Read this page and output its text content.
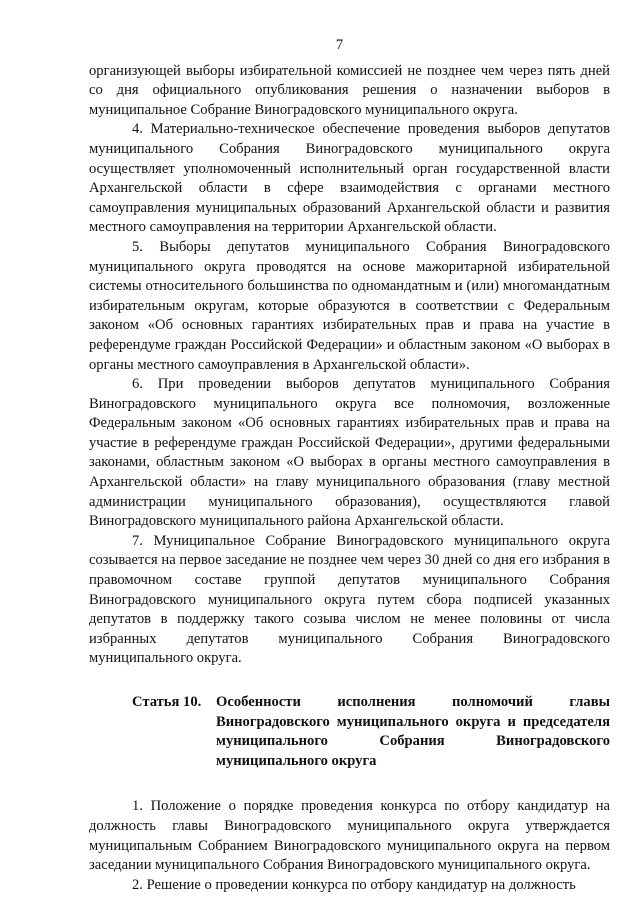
7

организующей выборы избирательной комиссией не позднее чем через пять дней со дня официального опубликования решения о назначении выборов в муниципальное Собрание Виноградовского муниципального округа.

4. Материально-техническое обеспечение проведения выборов депутатов муниципального Собрания Виноградовского муниципального округа осуществляет уполномоченный исполнительный орган государственной власти Архангельской области в сфере взаимодействия с органами местного самоуправления муниципальных образований Архангельской области и развития местного самоуправления на территории Архангельской области.

5. Выборы депутатов муниципального Собрания Виноградовского муниципального округа проводятся на основе мажоритарной избирательной системы относительного большинства по одномандатным и (или) многомандатным избирательным округам, которые образуются в соответствии с Федеральным законом «Об основных гарантиях избирательных прав и права на участие в референдуме граждан Российской Федерации» и областным законом «О выборах в органы местного самоуправления в Архангельской области».

6. При проведении выборов депутатов муниципального Собрания Виноградовского муниципального округа все полномочия, возложенные Федеральным законом «Об основных гарантиях избирательных прав и права на участие в референдуме граждан Российской Федерации», другими федеральными законами, областным законом «О выборах в органы местного самоуправления в Архангельской области» на главу муниципального образования (главу местной администрации муниципального образования), осуществляются главой Виноградовского муниципального района Архангельской области.

7. Муниципальное Собрание Виноградовского муниципального округа созывается на первое заседание не позднее чем через 30 дней со дня его избрания в правомочном составе группой депутатов муниципального Собрания Виноградовского муниципального округа путем сбора подписей указанных депутатов в поддержку такого созыва числом не менее половины от числа избранных депутатов муниципального Собрания Виноградовского муниципального округа.

Статья 10.	Особенности исполнения полномочий главы Виноградовского муниципального округа и председателя муниципального Собрания Виноградовского муниципального округа

1. Положение о порядке проведения конкурса по отбору кандидатур на должность главы Виноградовского муниципального округа утверждается муниципальным Собранием Виноградовского муниципального округа на первом заседании муниципального Собрания Виноградовского муниципального округа.

2. Решение о проведении конкурса по отбору кандидатур на должность
